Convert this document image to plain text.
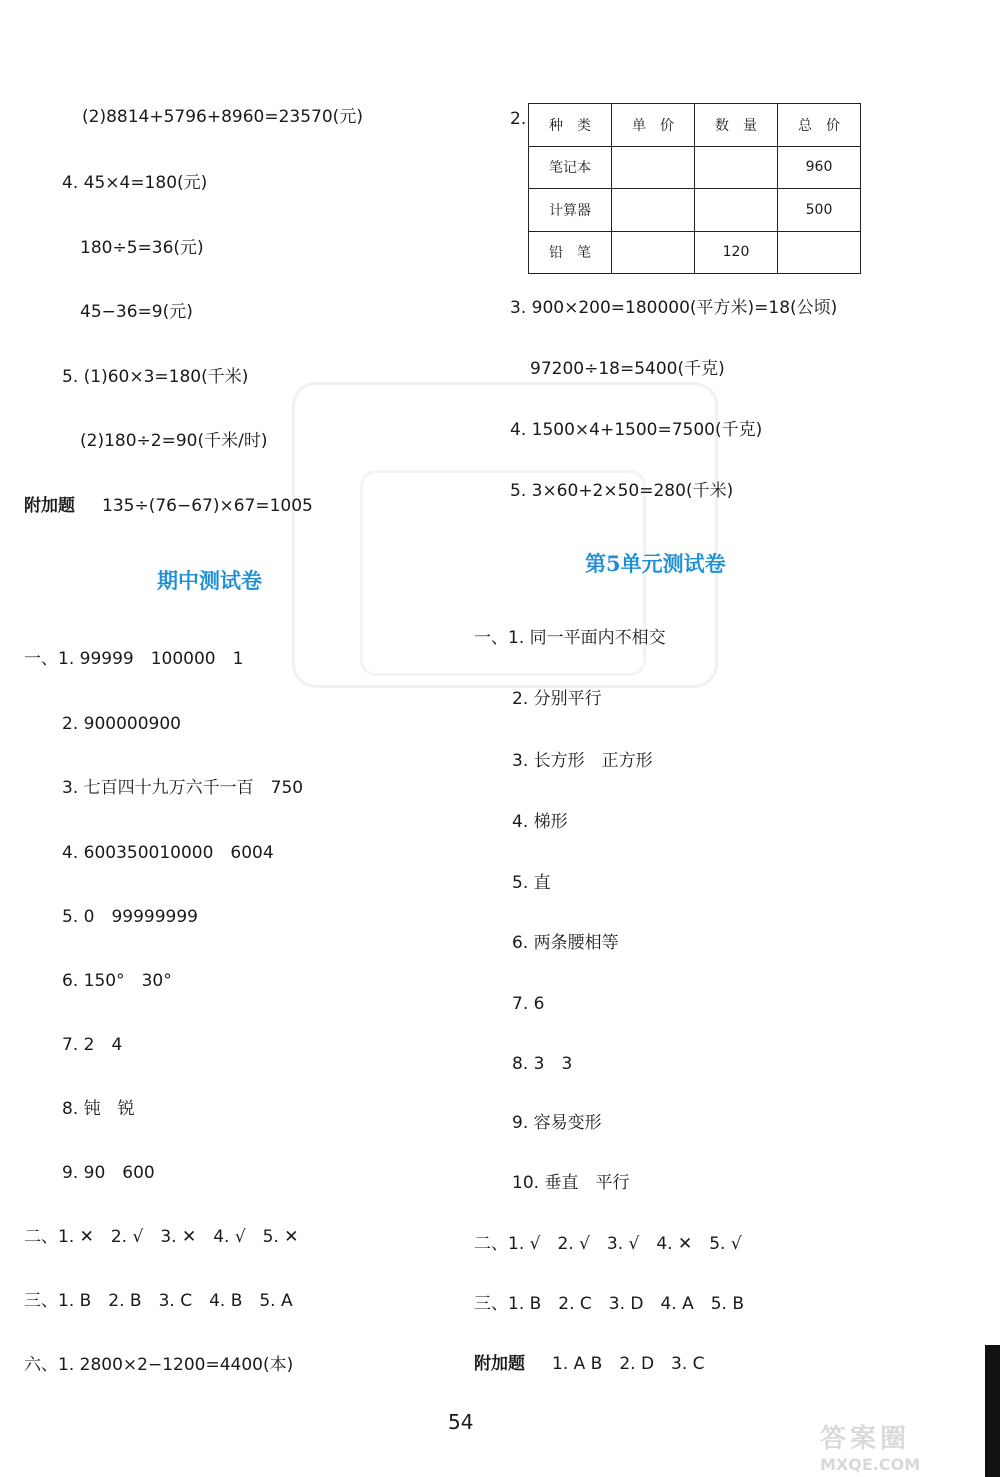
(2)8814+5796+8960=23570(元)
4. 45×4=180(元)
180÷5=36(元)
45−36=9(元)
5. (1)60×3=180(千米)
(2)180÷2=90(千米/时)
附加题 135÷(76−67)×67=1005
期中测试卷
一、1. 99999　100000　1
2. 900000900
3. 七百四十九万六千一百　750
4. 600350010000　6004
5. 0　99999999
6. 150°　30°
7. 2　4
8. 钝　锐
9. 90　600
二、1. ✕　2. √　3. ✕　4. √　5. ✕
三、1. B　2. B　3. C　4. B　5. A
六、1. 2800×2−1200=4400(本)
2. 种　类	单　价	数　量	总　价
笔记本			960
计算器			500
铅　笔		120	
3. 900×200=180000(平方米)=18(公顷)
97200÷18=5400(千克)
4. 1500×4+1500=7500(千克)
5. 3×60+2×50=280(千米)
第5单元测试卷
一、1. 同一平面内不相交
2. 分别平行
3. 长方形　正方形
4. 梯形
5. 直
6. 两条腰相等
7. 6
8. 3　3
9. 容易变形
10. 垂直　平行
二、1. √　2. √　3. √　4. ✕　5. √
三、1. B　2. C　3. D　4. A　5. B
附加题 1. A B　2. D　3. C
54
答案圈
MXQE.COM
